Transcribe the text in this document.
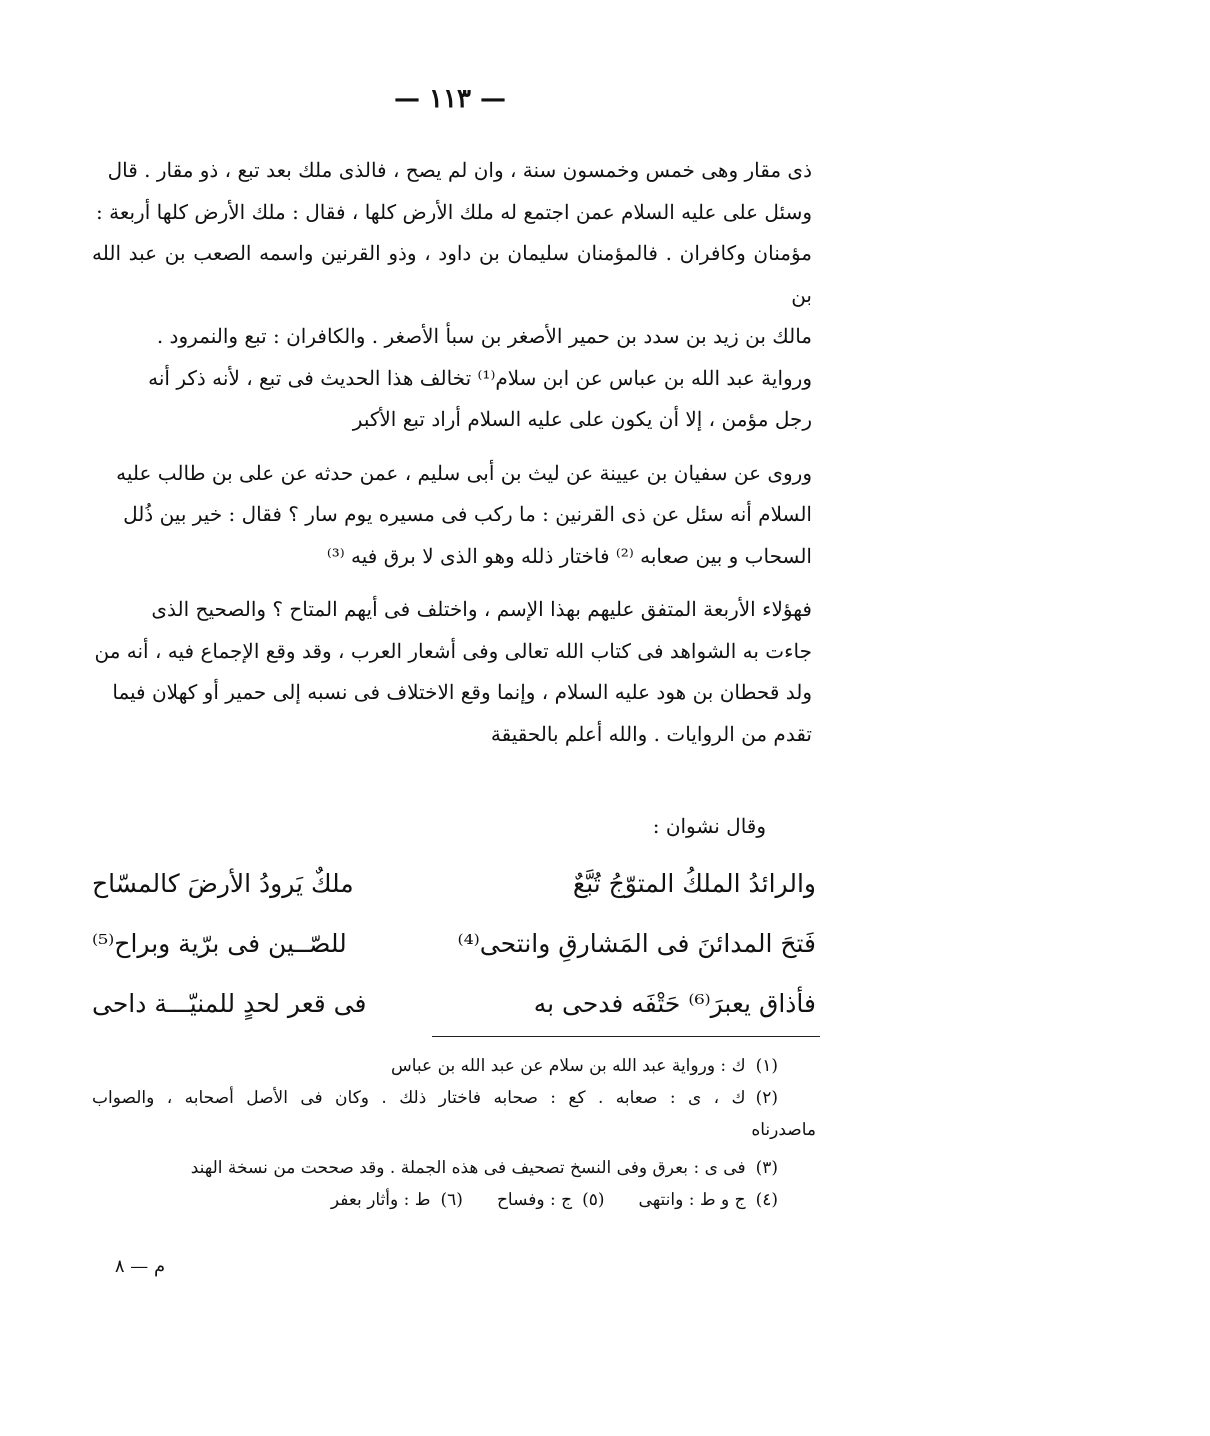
— ١١٣ —
ذى مقار وهى خمس وخمسون سنة ، وان لم يصح ، فالذى ملك بعد تبع ، ذو مقار . قال
وسئل على عليه السلام عمن اجتمع له ملك الأرض كلها ، فقال : ملك الأرض كلها أربعة :
مؤمنان وكافران . فالمؤمنان سليمان بن داود ، وذو القرنين واسمه الصعب بن عبد الله بن
مالك بن زيد بن سدد بن حمير الأصغر بن سبأ الأصغر . والكافران : تبع والنمرود .
ورواية عبد الله بن عباس عن ابن سلام⁽¹⁾ تخالف هذا الحديث فى تبع ، لأنه ذكر أنه
رجل مؤمن ، إلا أن يكون على عليه السلام أراد تبع الأكبر
وروى عن سفيان بن عيينة عن ليث بن أبى سليم ، عمن حدثه عن على بن طالب عليه
السلام أنه سئل عن ذى القرنين : ما ركب فى مسيره يوم سار ؟ فقال : خير بين ذُلل
السحاب و بين صعابه ⁽²⁾ فاختار ذلله وهو الذى لا برق فيه ⁽³⁾
فهؤلاء الأربعة المتفق عليهم بهذا الإسم ، واختلف فى أيهم المتاح ؟ والصحيح الذى
جاءت به الشواهد فى كتاب الله تعالى وفى أشعار العرب ، وقد وقع الإجماع فيه ، أنه من
ولد قحطان بن هود عليه السلام ، وإنما وقع الاختلاف فى نسبه إلى حمير أو كهلان فيما
تقدم من الروايات . والله أعلم بالحقيقة
وقال نشوان :
والرائدُ الملكُ المتوّجُ تُبَّعٌ
ملكٌ يَرودُ الأرضَ كالمسّاح
فَتحَ المدائنَ فى المَشارقِ وانتحى⁽⁴⁾
للصّــين فى برّية وبراح⁽⁵⁾
فأذاق يعبرَ⁽⁶⁾ حَتْفَه فدحى به
فى قعر لحدٍ للمنيّـــة داحى

(١)ك : ورواية عبد الله بن سلام عن عبد الله بن عباس

(٢)ك ، ى : صعابه . كع : صحابه فاختار ذلك . وكان فى الأصل أصحابه ، والصواب

ماصدرناه

(٣)فى ى : بعرق وفى النسخ تصحيف فى هذه الجملة . وقد صححت من نسخة الهند

(٤)ج و ط : وانتهى
(٥)ج : وفساح
(٦)ط : وأثار بعفر
م — ٨
